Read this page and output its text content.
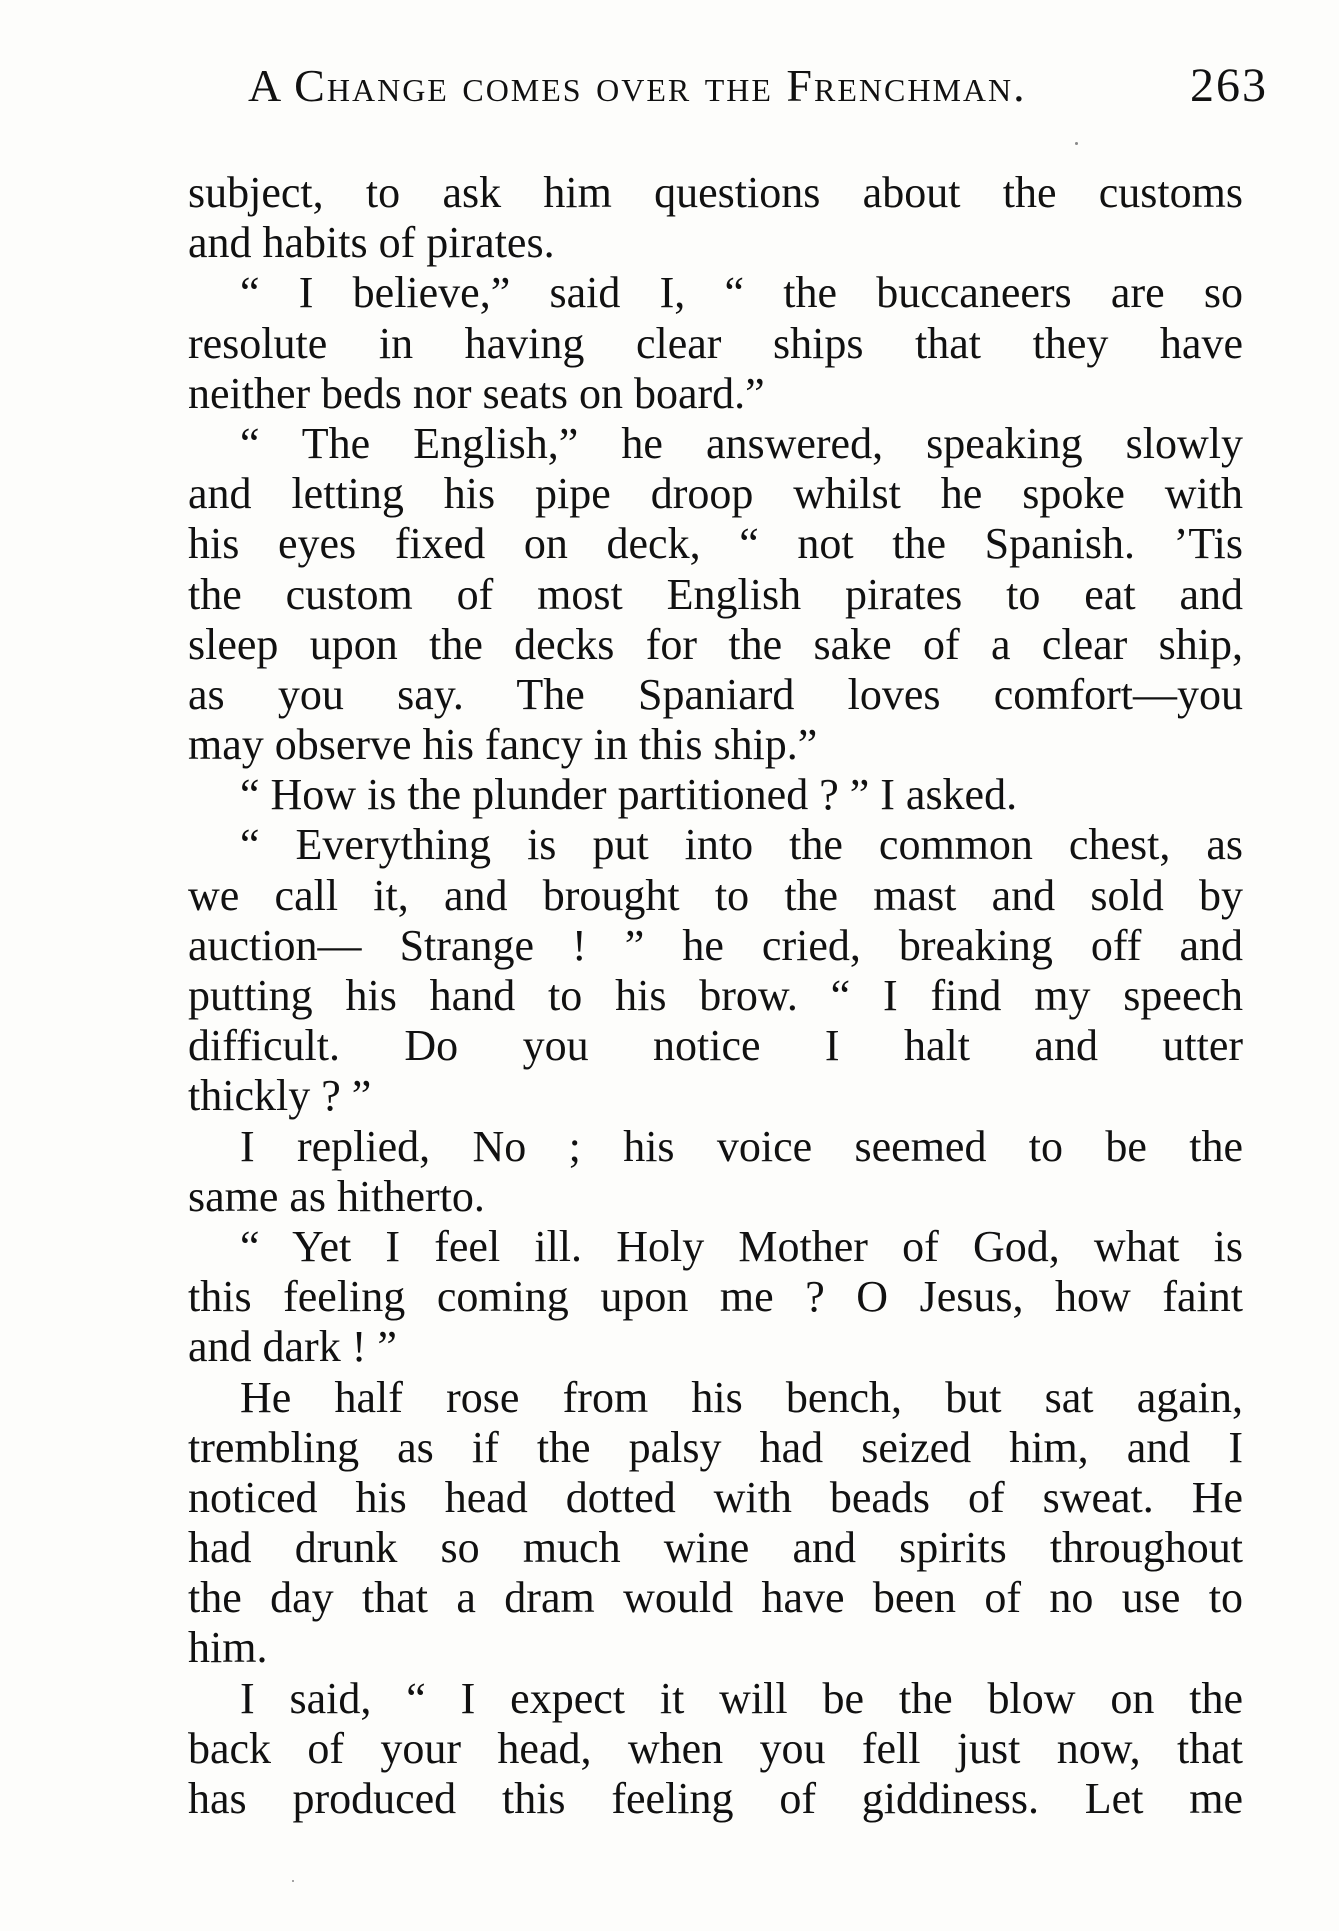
A Change comes over the Frenchman.	263
subject, to ask him questions about the customs
and habits of pirates.
“ I believe,” said I, “ the buccaneers are so
resolute in having clear ships that they have
neither beds nor seats on board.”
“ The English,” he answered, speaking slowly
and letting his pipe droop whilst he spoke with
his eyes fixed on deck, “ not the Spanish. ’Tis
the custom of most English pirates to eat and
sleep upon the decks for the sake of a clear ship,
as you say. The Spaniard loves comfort—you
may observe his fancy in this ship.”
“ How is the plunder partitioned ? ” I asked.
“ Everything is put into the common chest, as
we call it, and brought to the mast and sold by
auction— Strange ! ” he cried, breaking off and
putting his hand to his brow. “ I find my speech
difficult. Do you notice I halt and utter
thickly ? ”
I replied, No ; his voice seemed to be the
same as hitherto.
“ Yet I feel ill. Holy Mother of God, what is
this feeling coming upon me ? O Jesus, how faint
and dark ! ”
He half rose from his bench, but sat again,
trembling as if the palsy had seized him, and I
noticed his head dotted with beads of sweat. He
had drunk so much wine and spirits throughout
the day that a dram would have been of no use to
him.
I said, “ I expect it will be the blow on the
back of your head, when you fell just now, that
has produced this feeling of giddiness. Let me
